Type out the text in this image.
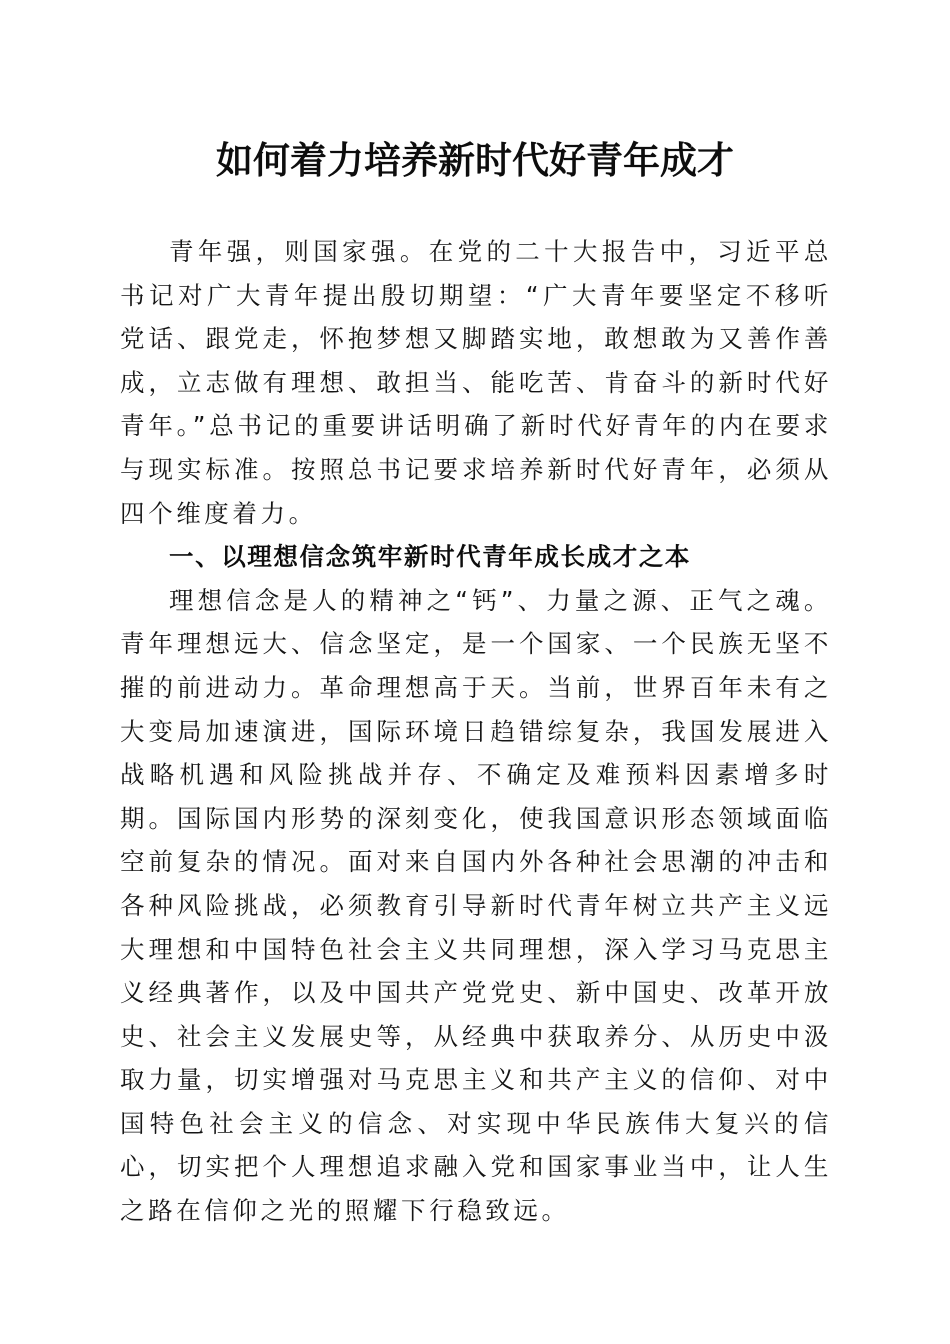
如何着力培养新时代好青年成才

青年强，则国家强。在党的二十大报告中，习近平总书记对广大青年提出殷切期望：“广大青年要坚定不移听党话、跟党走，怀抱梦想又脚踏实地，敢想敢为又善作善成，立志做有理想、敢担当、能吃苦、肯奋斗的新时代好青年。”总书记的重要讲话明确了新时代好青年的内在要求与现实标准。按照总书记要求培养新时代好青年，必须从四个维度着力。

一、以理想信念筑牢新时代青年成长成才之本

理想信念是人的精神之“钙”、力量之源、正气之魂。青年理想远大、信念坚定，是一个国家、一个民族无坚不摧的前进动力。革命理想高于天。当前，世界百年未有之大变局加速演进，国际环境日趋错综复杂，我国发展进入战略机遇和风险挑战并存、不确定及难预料因素增多时期。国际国内形势的深刻变化，使我国意识形态领域面临空前复杂的情况。面对来自国内外各种社会思潮的冲击和各种风险挑战，必须教育引导新时代青年树立共产主义远大理想和中国特色社会主义共同理想，深入学习马克思主义经典著作，以及中国共产党党史、新中国史、改革开放史、社会主义发展史等，从经典中获取养分、从历史中汲取力量，切实增强对马克思主义和共产主义的信仰、对中国特色社会主义的信念、对实现中华民族伟大复兴的信心，切实把个人理想追求融入党和国家事业当中，让人生之路在信仰之光的照耀下行稳致远。
